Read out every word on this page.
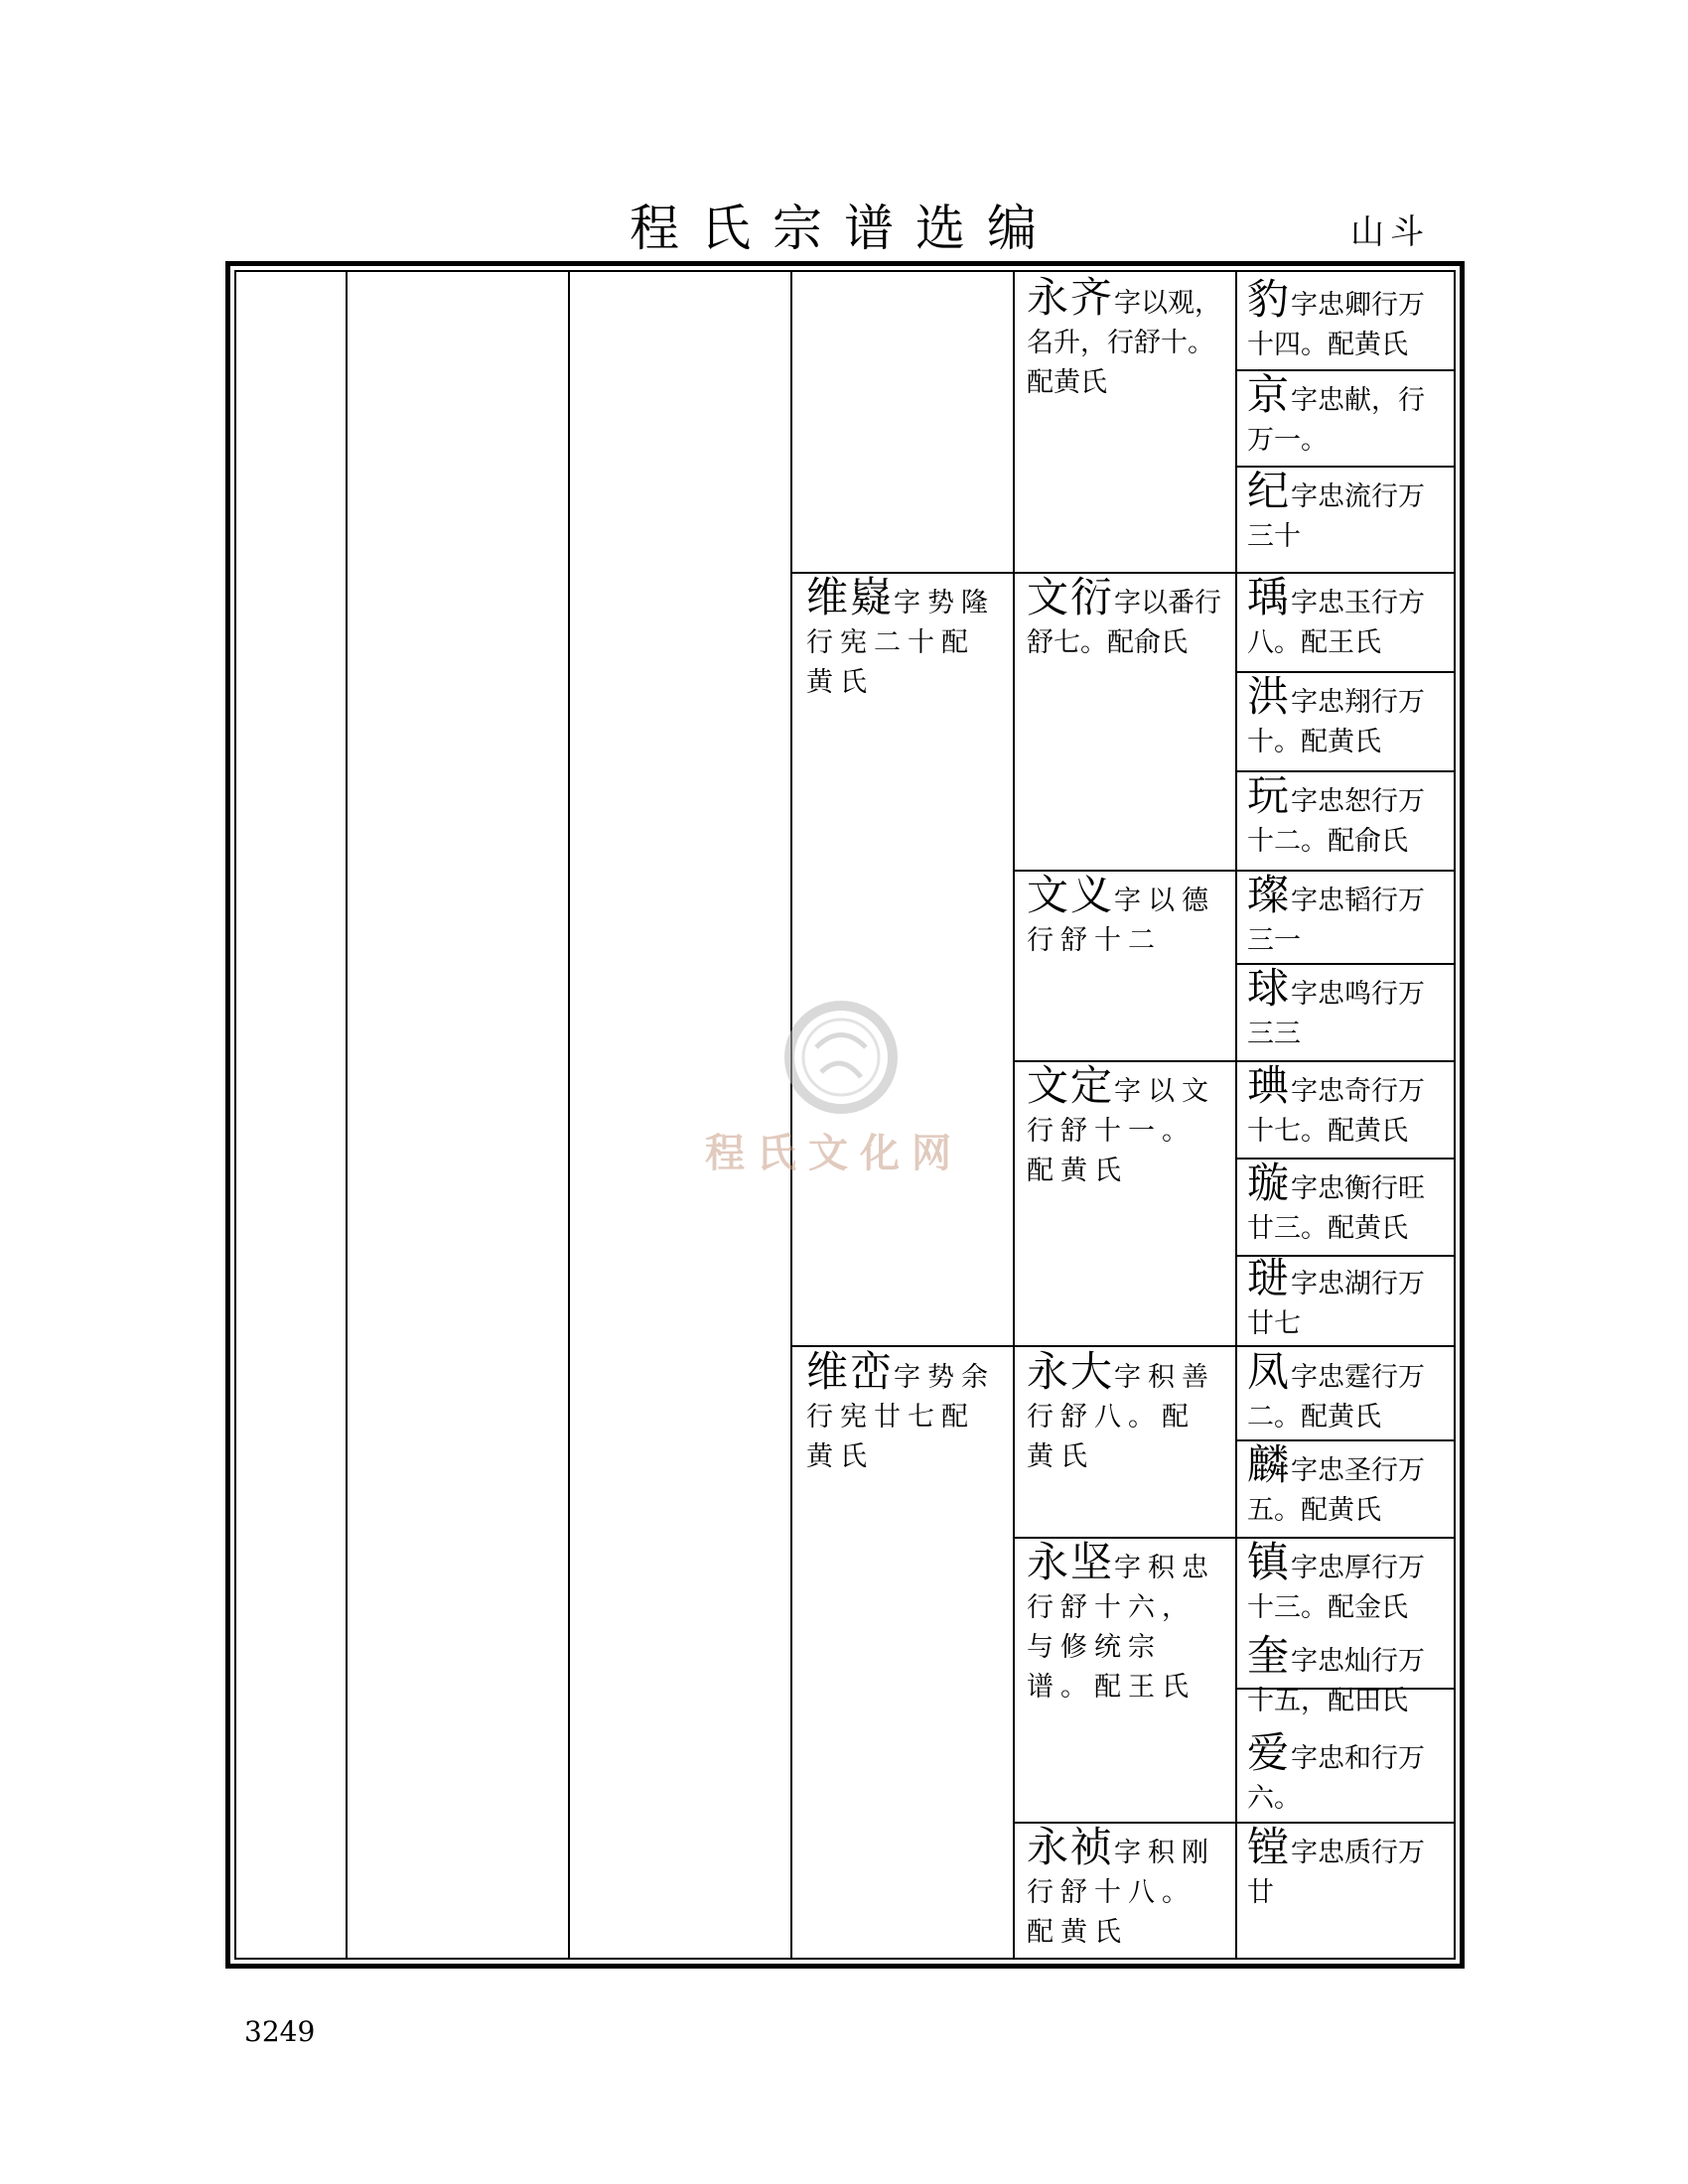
程氏宗谱选编	山斗
维嶷字势隆行宪二十配黄氏
维峦字势余行宪廿七配黄氏
永齐字以观，名升，行舒十。配黄氏
文衍字以番行舒七。配俞氏
文义字以德行舒十二
文定字以文行舒十一。配黄氏
永大字积善行舒八。配黄氏
永坚字积忠行舒十六，与修统宗谱。配王氏
永祯字积刚行舒十八。配黄氏
豹字忠卿行万十四。配黄氏
京字忠献，行万一。
纪字忠流行万三十
瑀字忠玉行方八。配王氏
洪字忠翔行万十。配黄氏
玩字忠恕行万十二。配俞氏
璨字忠韬行万三一
球字忠鸣行万三三
琠字忠奇行万十七。配黄氏
璇字忠衡行旺廿三。配黄氏
琎字忠湖行万廿七
凤字忠霆行万二。配黄氏
麟字忠圣行万五。配黄氏
镇字忠厚行万十三。配金氏
奎字忠灿行万十五，配田氏
爱字忠和行万六。
镗字忠质行万廿
程氏文化网
3249
